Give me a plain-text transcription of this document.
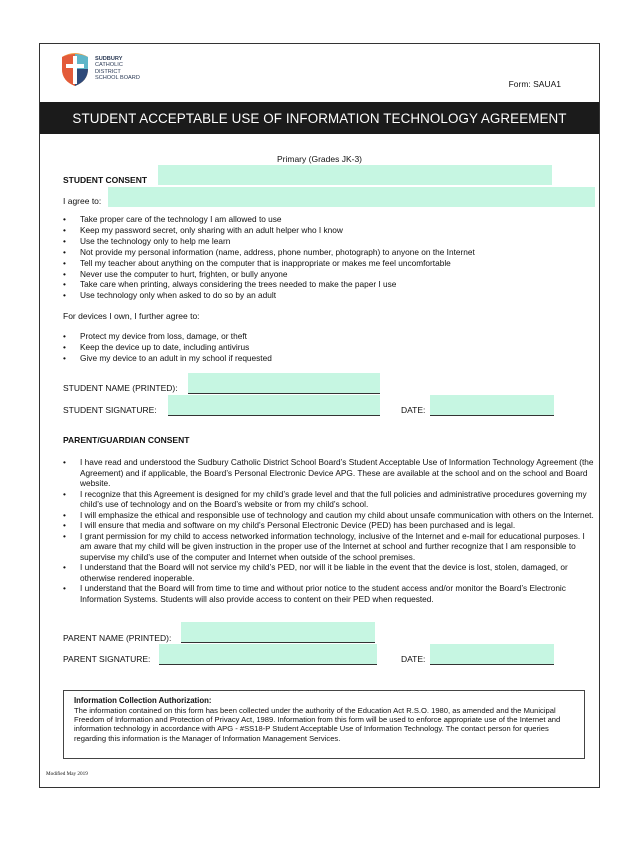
SUDBURY
CATHOLIC
DISTRICT
SCHOOL BOARD
Form: SAUA1
STUDENT ACCEPTABLE USE OF INFORMATION TECHNOLOGY AGREEMENT
Primary (Grades JK-3)
STUDENT CONSENT
I agree to:
• Take proper care of the technology I am allowed to use
• Keep my password secret, only sharing with an adult helper who I know
• Use the technology only to help me learn
• Not provide my personal information (name, address, phone number, photograph) to anyone on the Internet
• Tell my teacher about anything on the computer that is inappropriate or makes me feel uncomfortable
• Never use the computer to hurt, frighten, or bully anyone
• Take care when printing, always considering the trees needed to make the paper I use
• Use technology only when asked to do so by an adult
For devices I own, I further agree to:
• Protect my device from loss, damage, or theft
• Keep the device up to date, including antivirus
• Give my device to an adult in my school if requested
STUDENT NAME (PRINTED):
STUDENT SIGNATURE:	DATE:
PARENT/GUARDIAN CONSENT
• I have read and understood the Sudbury Catholic District School Board’s Student Acceptable Use of Information Technology Agreement (the Agreement) and if applicable, the Board’s Personal Electronic Device APG. These are available at the school and on the school and Board website.
• I recognize that this Agreement is designed for my child’s grade level and that the full policies and administrative procedures governing my child’s use of technology and on the Board’s website or from my child’s school.
• I will emphasize the ethical and responsible use of technology and caution my child about unsafe communication with others on the Internet.
• I will ensure that media and software on my child’s Personal Electronic Device (PED) has been purchased and is legal.
• I grant permission for my child to access networked information technology, inclusive of the Internet and e-mail for educational purposes. I am aware that my child will be given instruction in the proper use of the Internet at school and further recognize that I am responsible to supervise my child’s use of the computer and Internet when outside of the school premises.
• I understand that the Board will not service my child’s PED, nor will it be liable in the event that the device is lost, stolen, damaged, or otherwise rendered inoperable.
• I understand that the Board will from time to time and without prior notice to the student access and/or monitor the Board’s Electronic Information Systems. Students will also provide access to content on their PED when requested.
PARENT NAME (PRINTED):
PARENT SIGNATURE:	DATE:
Information Collection Authorization:
The information contained on this form has been collected under the authority of the Education Act R.S.O. 1980, as amended and the Municipal Freedom of Information and Protection of Privacy Act, 1989. Information from this form will be used to enforce appropriate use of the Internet and information technology in accordance with APG - #SS18-P Student Acceptable Use of Information Technology. The contact person for queries regarding this information is the Manager of Information Management Services.
Modified May 2019
